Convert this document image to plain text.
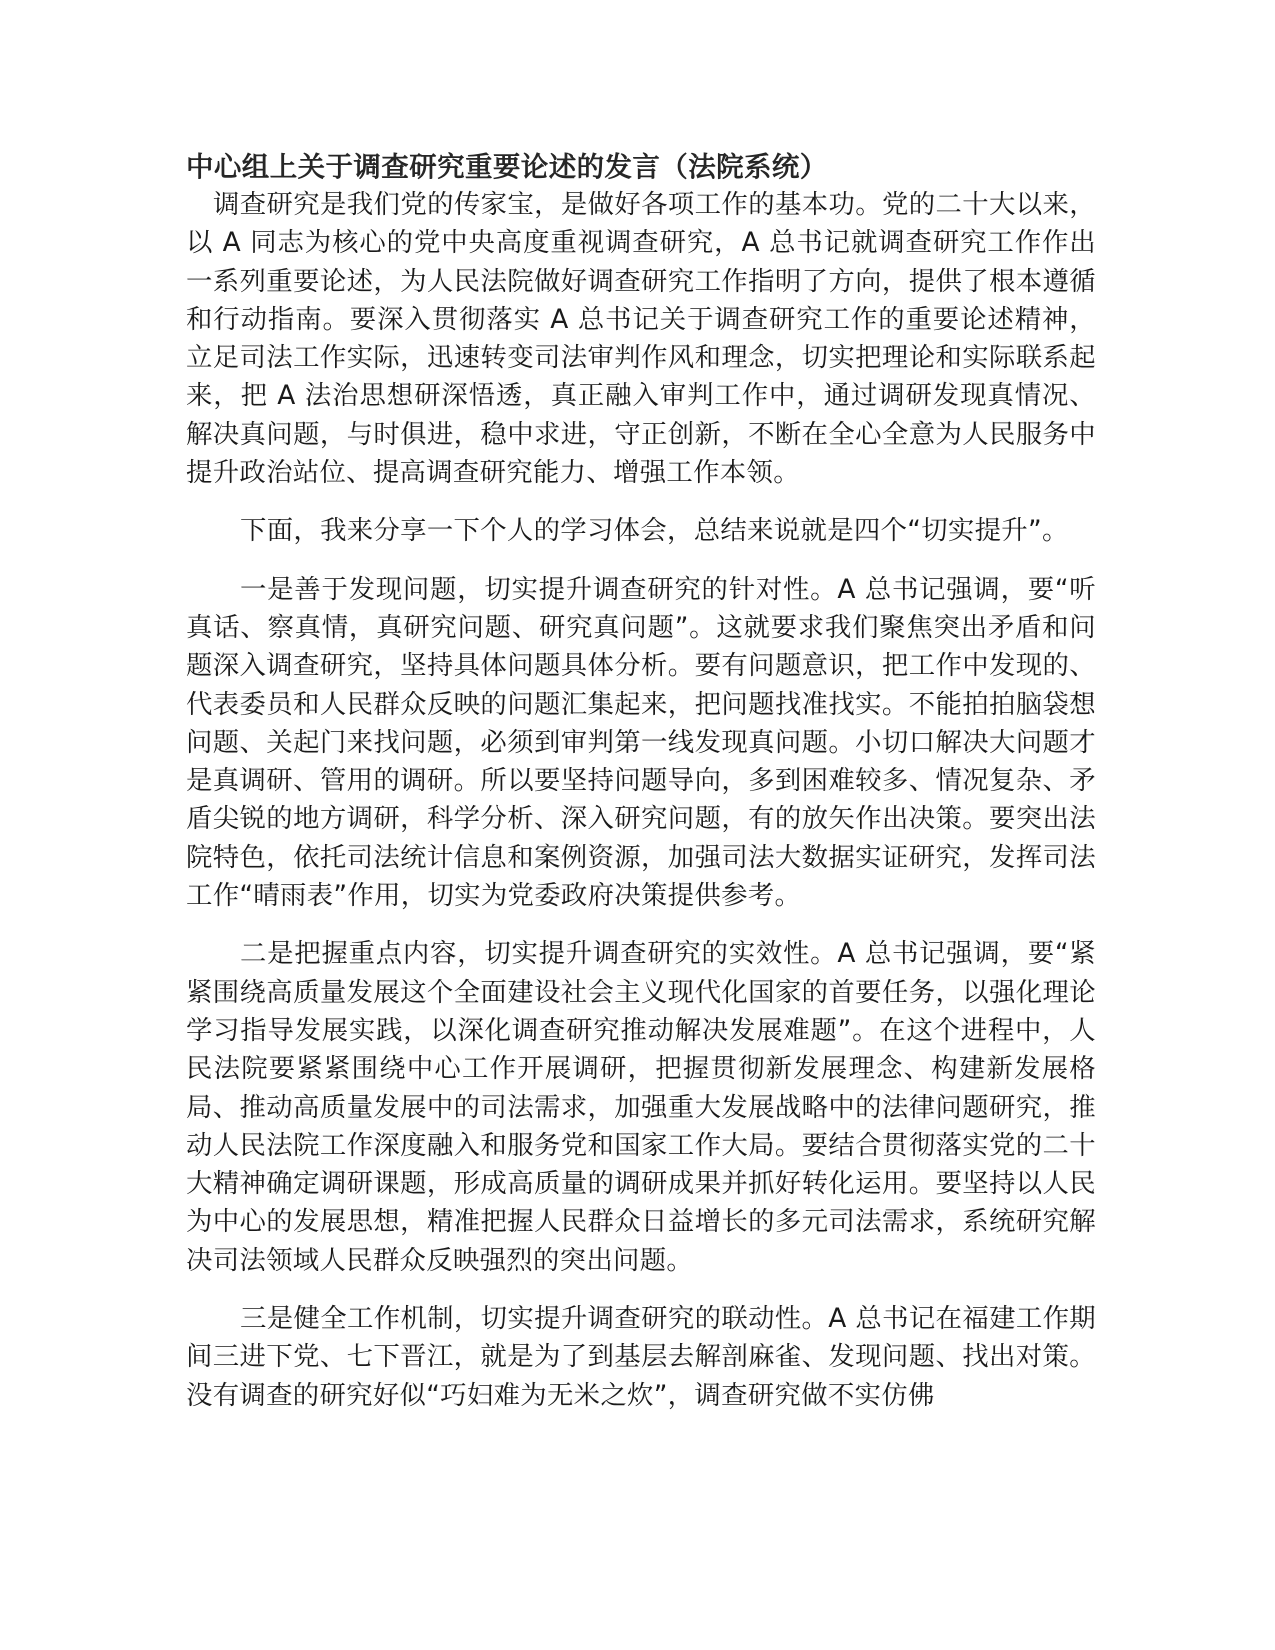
中心组上关于调查研究重要论述的发言（法院系统）

调查研究是我们党的传家宝，是做好各项工作的基本功。党的二十大以来，以 A 同志为核心的党中央高度重视调查研究，A 总书记就调查研究工作作出一系列重要论述，为人民法院做好调查研究工作指明了方向，提供了根本遵循和行动指南。要深入贯彻落实 A 总书记关于调查研究工作的重要论述精神，立足司法工作实际，迅速转变司法审判作风和理念，切实把理论和实际联系起来，把 A 法治思想研深悟透，真正融入审判工作中，通过调研发现真情况、解决真问题，与时俱进，稳中求进，守正创新，不断在全心全意为人民服务中提升政治站位、提高调查研究能力、增强工作本领。

下面，我来分享一下个人的学习体会，总结来说就是四个“切实提升”。

一是善于发现问题，切实提升调查研究的针对性。A 总书记强调，要“听真话、察真情，真研究问题、研究真问题”。这就要求我们聚焦突出矛盾和问题深入调查研究，坚持具体问题具体分析。要有问题意识，把工作中发现的、代表委员和人民群众反映的问题汇集起来，把问题找准找实。不能拍拍脑袋想问题、关起门来找问题，必须到审判第一线发现真问题。小切口解决大问题才是真调研、管用的调研。所以要坚持问题导向，多到困难较多、情况复杂、矛盾尖锐的地方调研，科学分析、深入研究问题，有的放矢作出决策。要突出法院特色，依托司法统计信息和案例资源，加强司法大数据实证研究，发挥司法工作“晴雨表”作用，切实为党委政府决策提供参考。

二是把握重点内容，切实提升调查研究的实效性。A 总书记强调，要“紧紧围绕高质量发展这个全面建设社会主义现代化国家的首要任务，以强化理论学习指导发展实践，以深化调查研究推动解决发展难题”。在这个进程中，人民法院要紧紧围绕中心工作开展调研，把握贯彻新发展理念、构建新发展格局、推动高质量发展中的司法需求，加强重大发展战略中的法律问题研究，推动人民法院工作深度融入和服务党和国家工作大局。要结合贯彻落实党的二十大精神确定调研课题，形成高质量的调研成果并抓好转化运用。要坚持以人民为中心的发展思想，精准把握人民群众日益增长的多元司法需求，系统研究解决司法领域人民群众反映强烈的突出问题。

三是健全工作机制，切实提升调查研究的联动性。A 总书记在福建工作期间三进下党、七下晋江，就是为了到基层去解剖麻雀、发现问题、找出对策。没有调查的研究好似“巧妇难为无米之炊”，调查研究做不实仿佛
